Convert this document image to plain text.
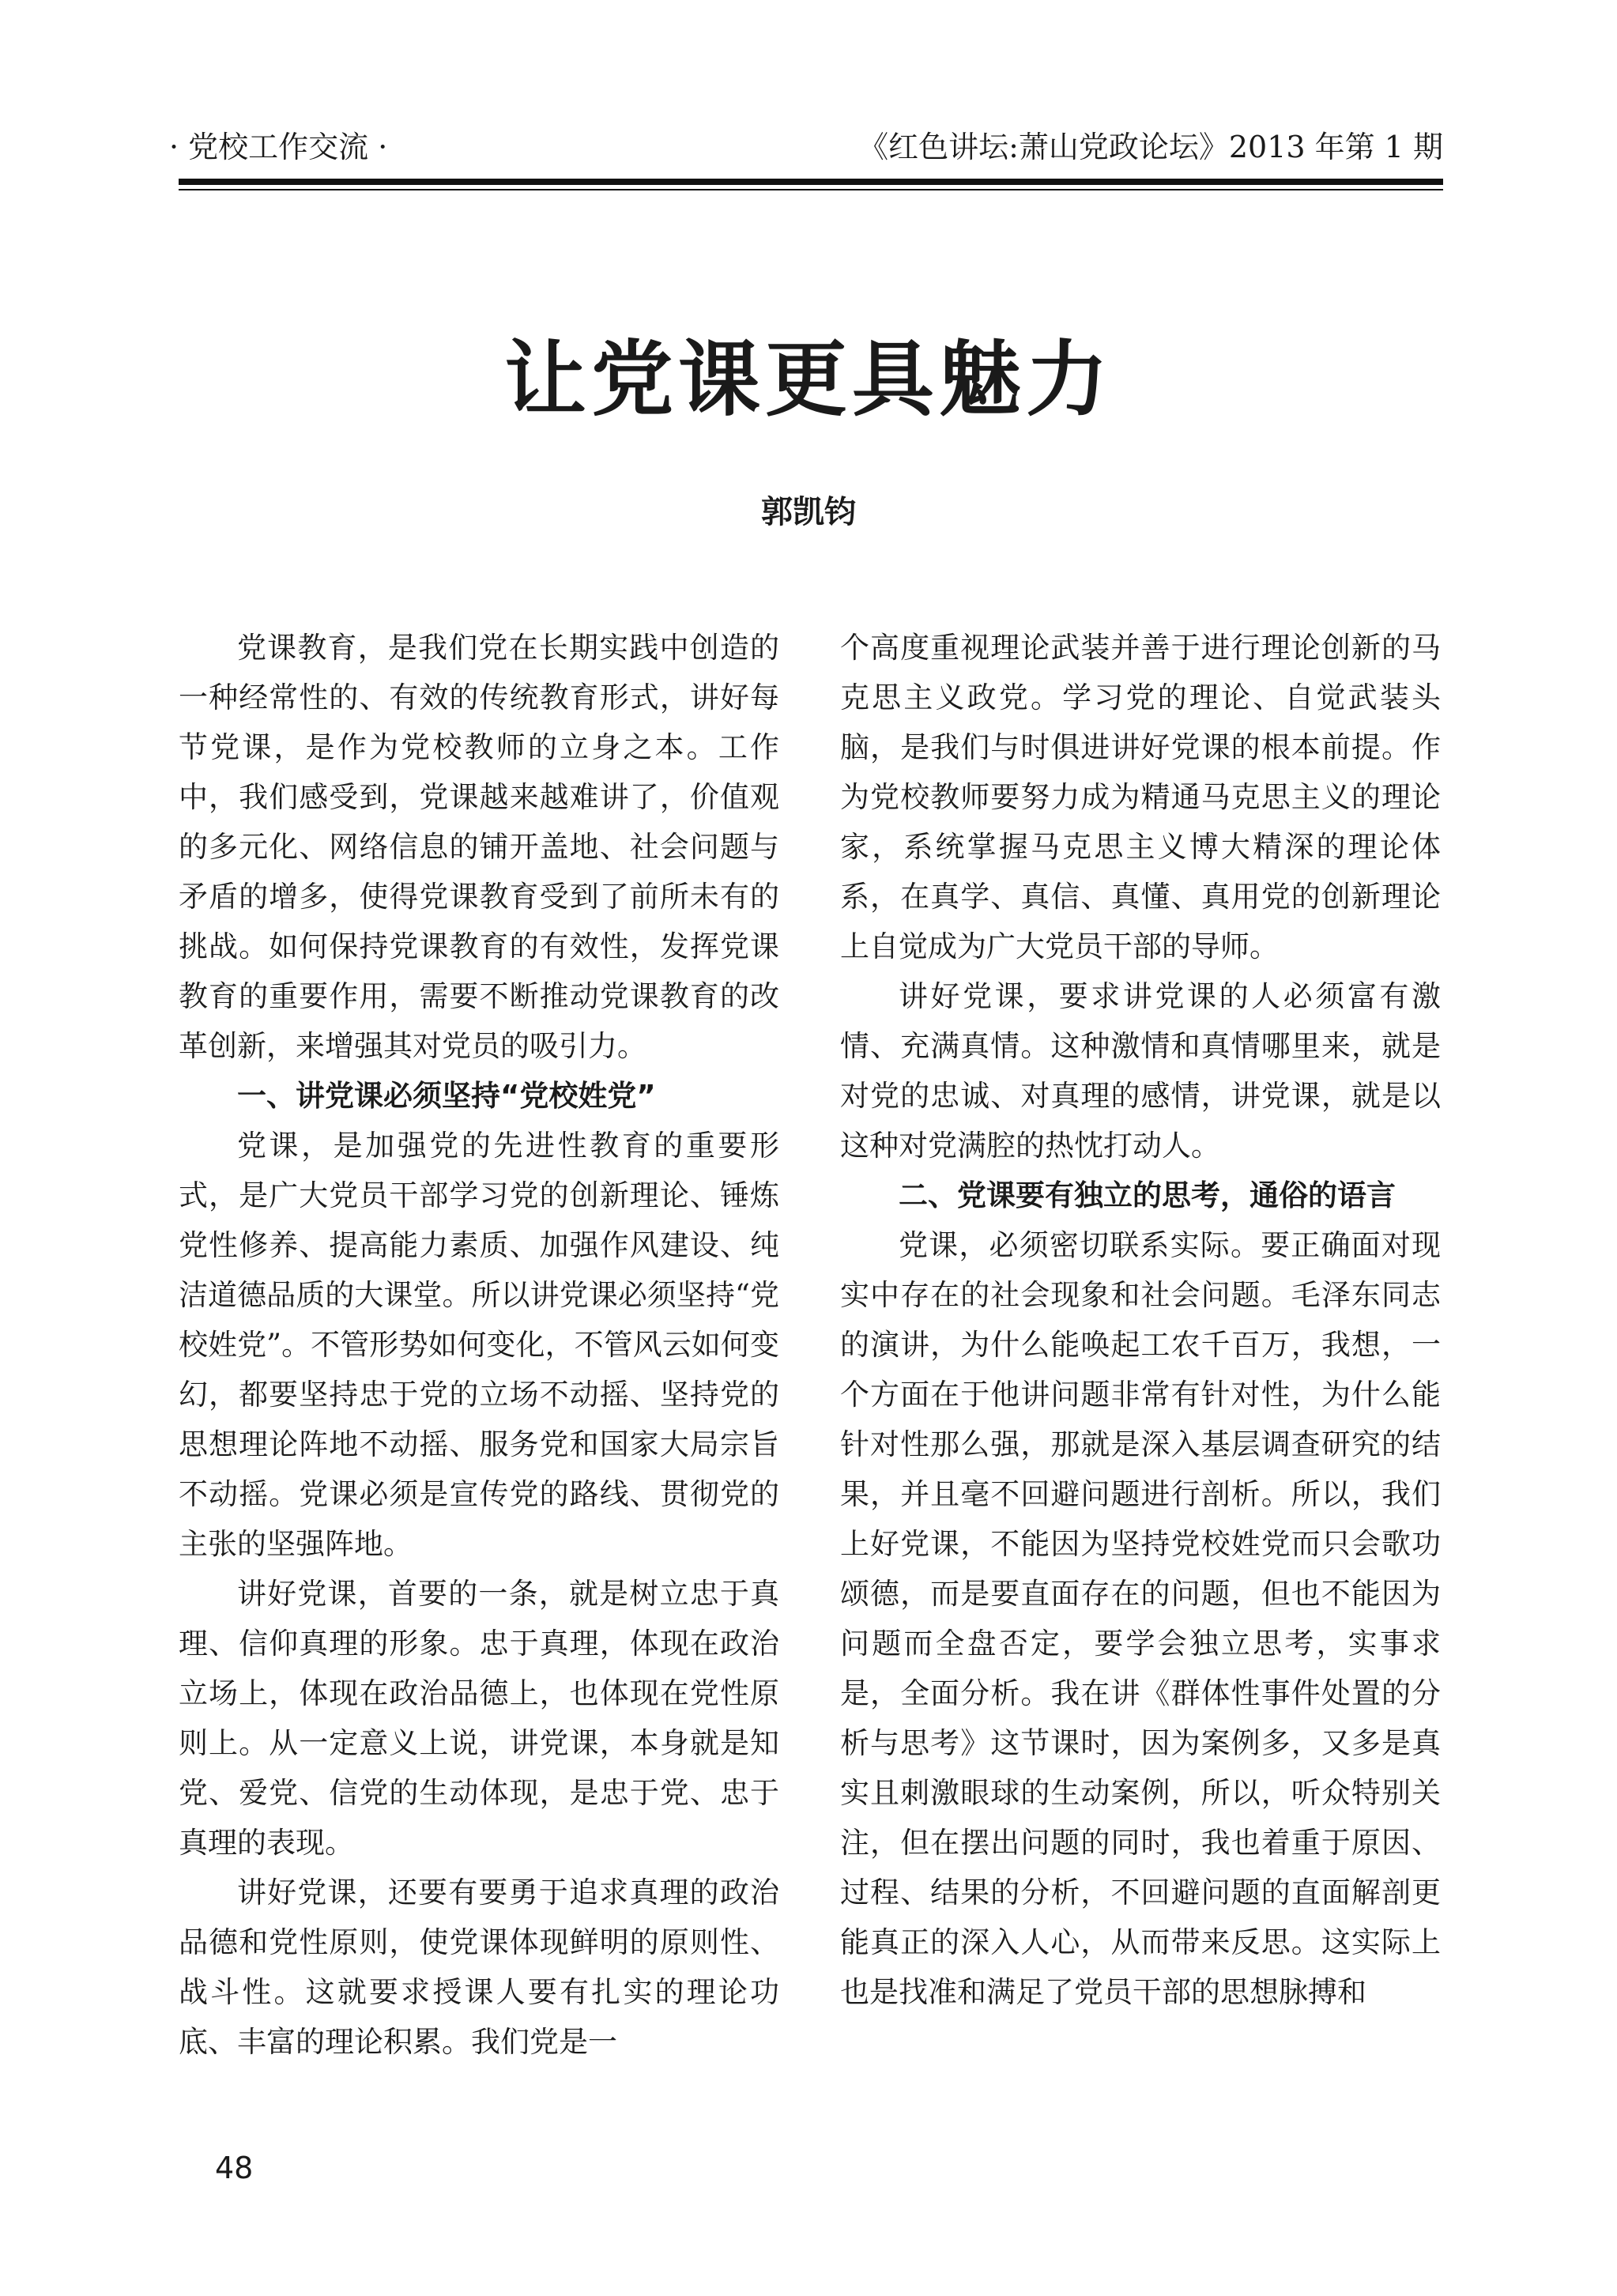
· 党校工作交流 ·	《红色讲坛:萧山党政论坛》2013 年第 1 期
让党课更具魅力
郭凯钧

党课教育，是我们党在长期实践中创造的一种经常性的、有效的传统教育形式，讲好每节党课，是作为党校教师的立身之本。工作中，我们感受到，党课越来越难讲了，价值观的多元化、网络信息的铺开盖地、社会问题与矛盾的增多，使得党课教育受到了前所未有的挑战。如何保持党课教育的有效性，发挥党课教育的重要作用，需要不断推动党课教育的改革创新，来增强其对党员的吸引力。

一、讲党课必须坚持“党校姓党”

党课，是加强党的先进性教育的重要形式，是广大党员干部学习党的创新理论、锤炼党性修养、提高能力素质、加强作风建设、纯洁道德品质的大课堂。所以讲党课必须坚持“党校姓党”。不管形势如何变化，不管风云如何变幻，都要坚持忠于党的立场不动摇、坚持党的思想理论阵地不动摇、服务党和国家大局宗旨不动摇。党课必须是宣传党的路线、贯彻党的主张的坚强阵地。

讲好党课，首要的一条，就是树立忠于真理、信仰真理的形象。忠于真理，体现在政治立场上，体现在政治品德上，也体现在党性原则上。从一定意义上说，讲党课，本身就是知党、爱党、信党的生动体现，是忠于党、忠于真理的表现。

讲好党课，还要有要勇于追求真理的政治品德和党性原则，使党课体现鲜明的原则性、战斗性。这就要求授课人要有扎实的理论功底、丰富的理论积累。我们党是一

个高度重视理论武装并善于进行理论创新的马克思主义政党。学习党的理论、自觉武装头脑，是我们与时俱进讲好党课的根本前提。作为党校教师要努力成为精通马克思主义的理论家，系统掌握马克思主义博大精深的理论体系，在真学、真信、真懂、真用党的创新理论上自觉成为广大党员干部的导师。

讲好党课，要求讲党课的人必须富有激情、充满真情。这种激情和真情哪里来，就是对党的忠诚、对真理的感情，讲党课，就是以这种对党满腔的热忱打动人。

二、党课要有独立的思考，通俗的语言

党课，必须密切联系实际。要正确面对现实中存在的社会现象和社会问题。毛泽东同志的演讲，为什么能唤起工农千百万，我想，一个方面在于他讲问题非常有针对性，为什么能针对性那么强，那就是深入基层调查研究的结果，并且毫不回避问题进行剖析。所以，我们上好党课，不能因为坚持党校姓党而只会歌功颂德，而是要直面存在的问题，但也不能因为问题而全盘否定，要学会独立思考，实事求是，全面分析。我在讲《群体性事件处置的分析与思考》这节课时，因为案例多，又多是真实且刺激眼球的生动案例，所以，听众特别关注，但在摆出问题的同时，我也着重于原因、过程、结果的分析，不回避问题的直面解剖更能真正的深入人心，从而带来反思。这实际上也是找准和满足了党员干部的思想脉搏和

48
